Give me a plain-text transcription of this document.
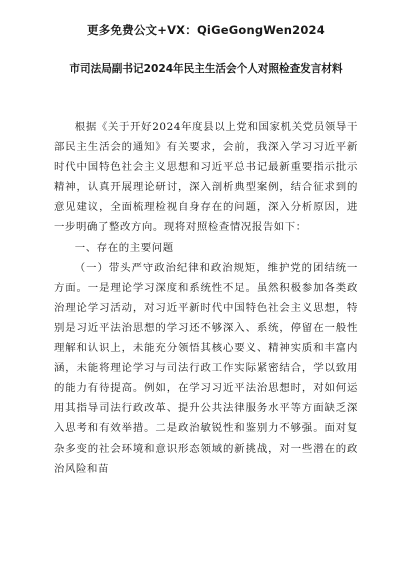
更多免费公文+VX：QiGeGongWen2024
市司法局副书记2024年民主生活会个人对照检查发言材料

根据《关于开好2024年度县以上党和国家机关党员领导干部民主生活会的通知》有关要求，会前，我深入学习习近平新时代中国特色社会主义思想和习近平总书记最新重要指示批示精神，认真开展理论研讨，深入剖析典型案例，结合征求到的意见建议，全面梳理检视自身存在的问题，深入分析原因，进一步明确了整改方向。现将对照检查情况报告如下：

一、存在的主要问题

（一）带头严守政治纪律和政治规矩，维护党的团结统一方面。一是理论学习深度和系统性不足。虽然积极参加各类政治理论学习活动，对习近平新时代中国特色社会主义思想，特别是习近平法治思想的学习还不够深入、系统，停留在一般性理解和认识上，未能充分领悟其核心要义、精神实质和丰富内涵，未能将理论学习与司法行政工作实际紧密结合，学以致用的能力有待提高。例如，在学习习近平法治思想时，对如何运用其指导司法行政改革、提升公共法律服务水平等方面缺乏深入思考和有效举措。二是政治敏锐性和鉴别力不够强。面对复杂多变的社会环境和意识形态领域的新挑战，对一些潜在的政治风险和苗
